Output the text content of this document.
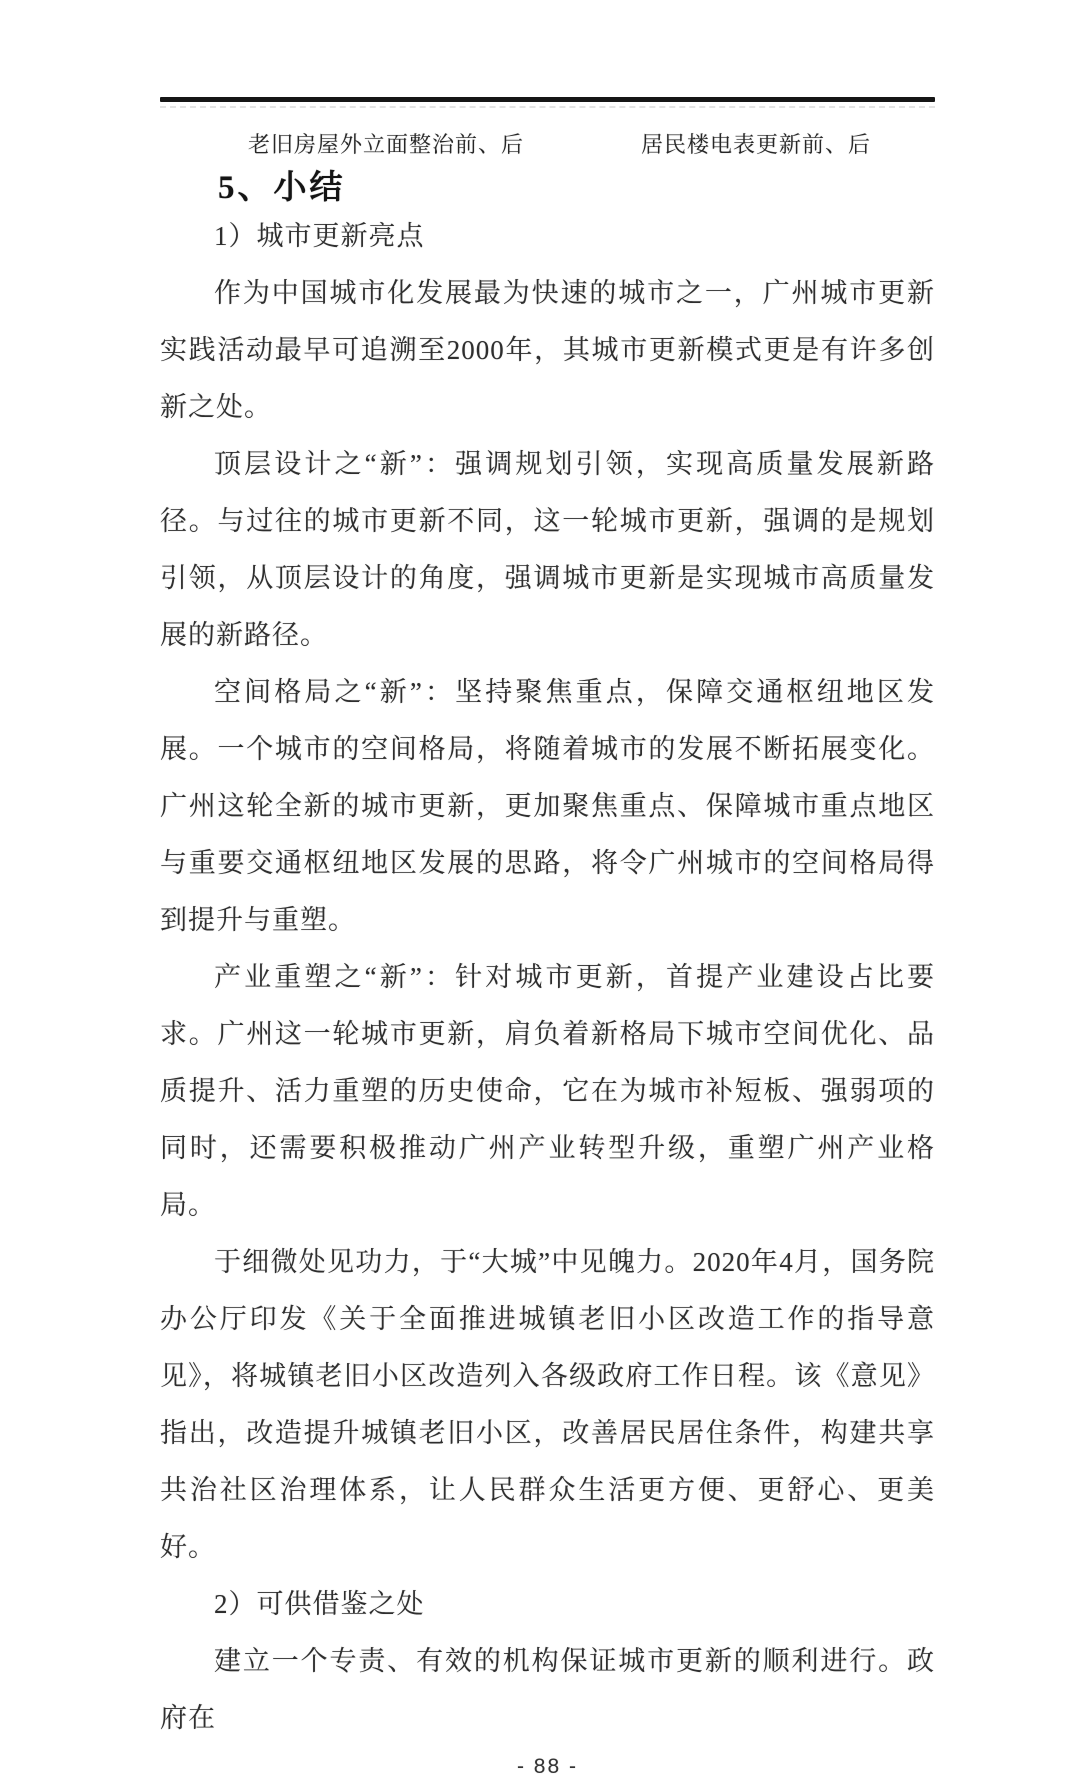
老旧房屋外立面整治前、后	居民楼电表更新前、后
5、小结

1）城市更新亮点

作为中国城市化发展最为快速的城市之一，广州城市更新实践活动最早可追溯至2000年，其城市更新模式更是有许多创新之处。

顶层设计之“新”：强调规划引领，实现高质量发展新路径。与过往的城市更新不同，这一轮城市更新，强调的是规划引领，从顶层设计的角度，强调城市更新是实现城市高质量发展的新路径。

空间格局之“新”：坚持聚焦重点，保障交通枢纽地区发展。一个城市的空间格局，将随着城市的发展不断拓展变化。广州这轮全新的城市更新，更加聚焦重点、保障城市重点地区与重要交通枢纽地区发展的思路，将令广州城市的空间格局得到提升与重塑。

产业重塑之“新”：针对城市更新，首提产业建设占比要求。广州这一轮城市更新，肩负着新格局下城市空间优化、品质提升、活力重塑的历史使命，它在为城市补短板、强弱项的同时，还需要积极推动广州产业转型升级，重塑广州产业格局。

于细微处见功力，于“大城”中见魄力。2020年4月，国务院办公厅印发《关于全面推进城镇老旧小区改造工作的指导意见》，将城镇老旧小区改造列入各级政府工作日程。该《意见》指出，改造提升城镇老旧小区，改善居民居住条件，构建共享共治社区治理体系，让人民群众生活更方便、更舒心、更美好。

2）可供借鉴之处

建立一个专责、有效的机构保证城市更新的顺利进行。政府在

- 88 -
